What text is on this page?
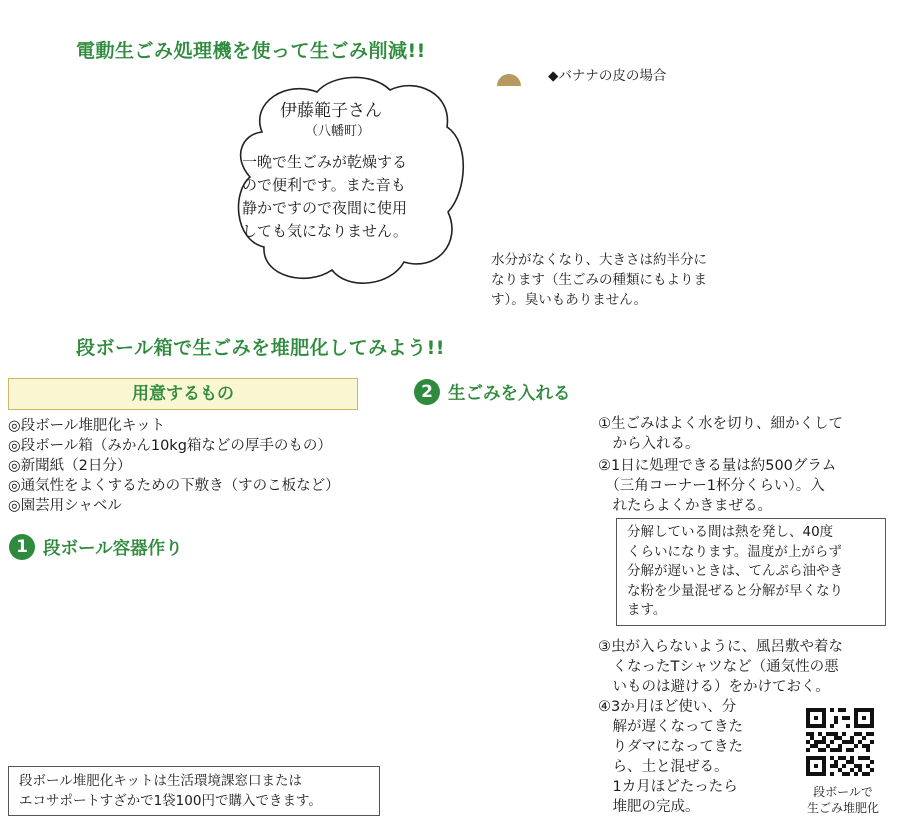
電動生ごみ処理機を使って生ごみ削減!!
伊藤範子さん
（八幡町）
一晩で生ごみが乾燥する
ので便利です。また音も
静かですので夜間に使用
しても気になりません。
◆バナナの皮の場合
水分がなくなり、大きさは約半分に
なります（生ごみの種類にもよりま
す）。臭いもありません。
段ボール箱で生ごみを堆肥化してみよう!!
用意するもの
◎段ボール堆肥化キット
◎段ボール箱（みかん10kg箱などの厚手のもの）
◎新聞紙（2日分）
◎通気性をよくするための下敷き（すのこ板など）
◎園芸用シャベル
1 段ボール容器作り
2 生ごみを入れる
①生ごみはよく水を切り、細かくして
　から入れる。
②1日に処理できる量は約500グラム
　（三角コーナー1杯分くらい）。入
　れたらよくかきまぜる。
分解している間は熱を発し、40度
くらいになります。温度が上がらず
分解が遅いときは、てんぷら油やき
な粉を少量混ぜると分解が早くなり
ます。
③虫が入らないように、風呂敷や着な
　くなったTシャツなど（通気性の悪
　いものは避ける）をかけておく。
④3か月ほど使い、分
　解が遅くなってきた
　りダマになってきた
　ら、土と混ぜる。
　1カ月ほどたったら
　堆肥の完成。
段ボールで
生ごみ堆肥化
段ボール堆肥化キットは生活環境課窓口または
エコサポートすざかで1袋100円で購入できます。
